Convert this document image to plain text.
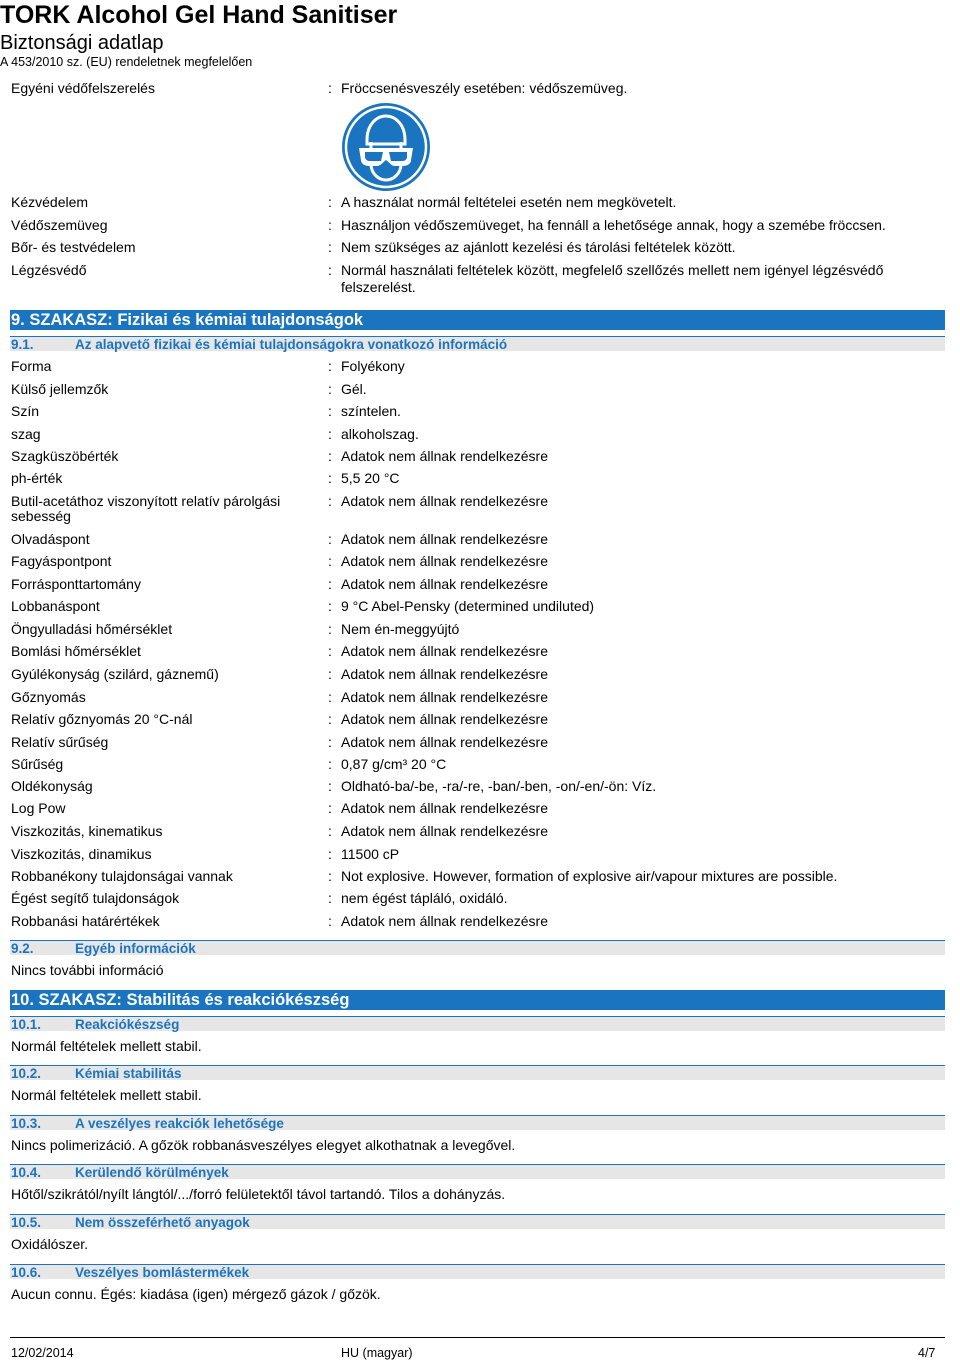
TORK Alcohol Gel Hand Sanitiser
Biztonsági adatlap
A 453/2010 sz. (EU) rendeletnek megfelelően
Egyéni védőfelszerelés	: Fröccsenésveszély esetében: védőszemüveg.
Kézvédelem	: A használat normál feltételei esetén nem megkövetelt.
Védőszemüveg	: Használjon védőszemüveget, ha fennáll a lehetősége annak, hogy a szemébe fröccsen.
Bőr- és testvédelem	: Nem szükséges az ajánlott kezelési és tárolási feltételek között.
Légzésvédő	: Normál használati feltételek között, megfelelő szellőzés mellett nem igényel légzésvédő
felszerelést.
9. SZAKASZ: Fizikai és kémiai tulajdonságok
9.1.	Az alapvető fizikai és kémiai tulajdonságokra vonatkozó információ
Forma	: Folyékony
Külső jellemzők	: Gél.
Szín	: színtelen.
szag	: alkoholszag.
Szagküszöbérték	: Adatok nem állnak rendelkezésre
ph-érték	: 5,5 20 °C
Butil-acetáthoz viszonyított relatív párolgási

sebesség
: Adatok nem állnak rendelkezésre
Olvadáspont	: Adatok nem állnak rendelkezésre
Fagyáspontpont	: Adatok nem állnak rendelkezésre
Forrásponttartomány	: Adatok nem állnak rendelkezésre
Lobbanáspont	: 9 °C Abel-Pensky (determined undiluted)
Öngyulladási hőmérséklet	: Nem én-meggyújtó
Bomlási hőmérséklet	: Adatok nem állnak rendelkezésre
Gyúlékonyság (szilárd, gáznemű)	: Adatok nem állnak rendelkezésre
Gőznyomás	: Adatok nem állnak rendelkezésre
Relatív gőznyomás 20 °C-nál	: Adatok nem állnak rendelkezésre
Relatív sűrűség	: Adatok nem állnak rendelkezésre
Sűrűség	: 0,87 g/cm³ 20 °C
Oldékonyság	: Oldható-ba/-be, -ra/-re, -ban/-ben, -on/-en/-ön: Víz.
Log Pow	: Adatok nem állnak rendelkezésre
Viszkozitás, kinematikus	: Adatok nem állnak rendelkezésre
Viszkozitás, dinamikus	: 11500 cP
Robbanékony tulajdonságai vannak	: Not explosive. However, formation of explosive air/vapour mixtures are possible.
Égést segítő tulajdonságok	: nem égést tápláló, oxidáló.
Robbanási határértékek	: Adatok nem állnak rendelkezésre
9.2.	Egyéb információk
Nincs további információ
10. SZAKASZ: Stabilitás és reakciókészség
10.1.	Reakciókészség
Normál feltételek mellett stabil.
10.2.	Kémiai stabilitás
Normál feltételek mellett stabil.
10.3.	A veszélyes reakciók lehetősége
Nincs polimerizáció. A gőzök robbanásveszélyes elegyet alkothatnak a levegővel.
10.4.	Kerülendő körülmények
Hőtől/szikrától/nyílt lángtól/.../forró felületektől távol tartandó. Tilos a dohányzás.
10.5.	Nem összeférhető anyagok
Oxidálószer.
10.6.	Veszélyes bomlástermékek
Aucun connu. Égés: kiadása (igen) mérgező gázok / gőzök.
12/02/2014	HU (magyar)	4/7
